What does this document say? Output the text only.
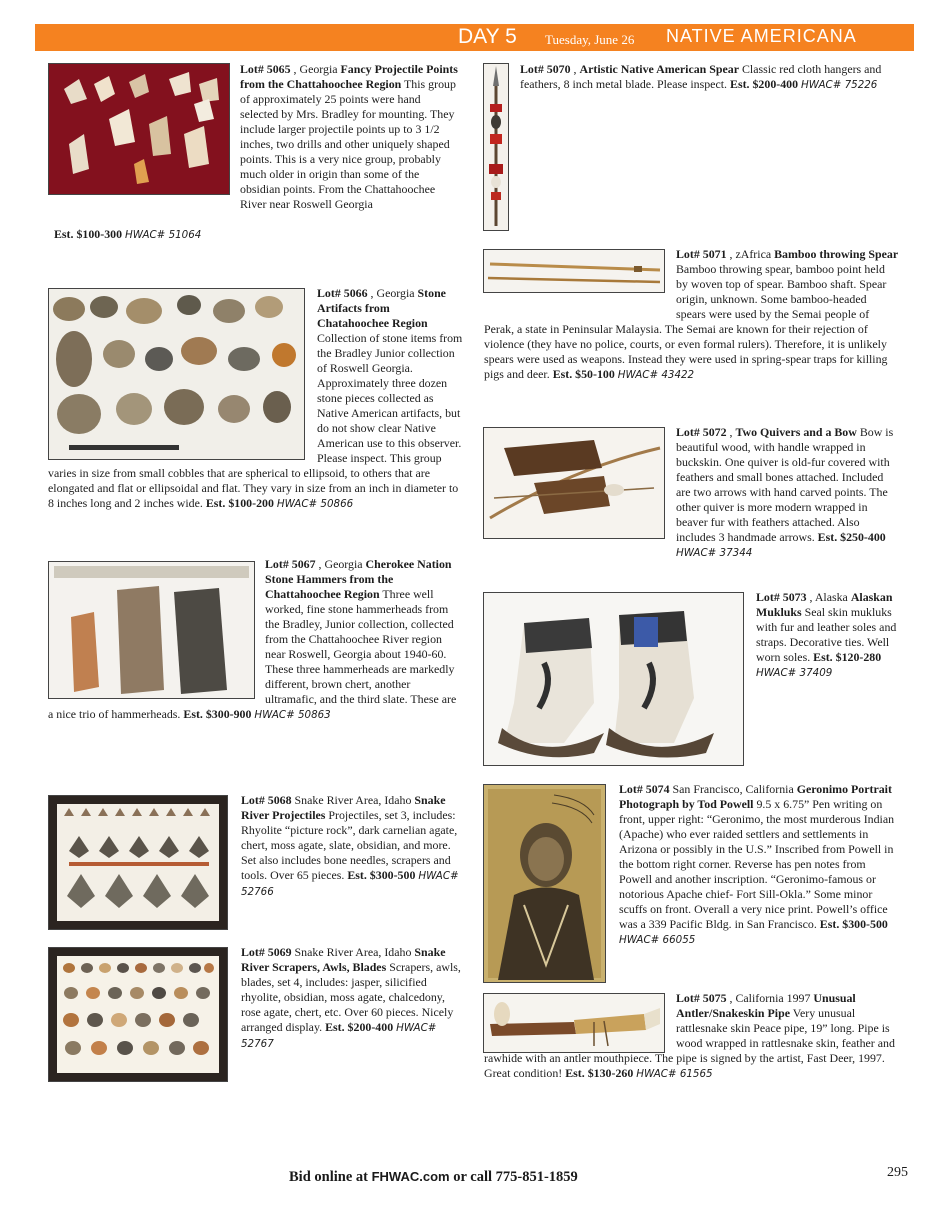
DAY 5 Tuesday, June 26 NATIVE AMERICANA
Lot# 5065 , Georgia Fancy Projectile Points from the Chattahoochee Region This group of approximately 25 points were hand selected by Mrs. Bradley for mounting. They include larger projectile points up to 3 1/2 inches, two drills and other uniquely shaped points. This is a very nice group, probably much older in origin than some of the obsidian points. From the Chattahoochee River near Roswell Georgia
Est. $100-300 HWAC# 51064
Lot# 5066 , Georgia Stone Artifacts from Chatahoochee Region Collection of stone items from the Bradley Junior collection of Roswell Georgia. Approximately three dozen stone pieces collected as Native American artifacts, but do not show clear Native American use to this observer. Please inspect. This group varies in size from small cobbles that are spherical to ellipsoid, to others that are elongated and flat or ellipsoidal and flat. They vary in size from an inch in diameter to 8 inches long and 2 inches wide. Est. $100-200 HWAC# 50866
Lot# 5067 , Georgia Cherokee Nation Stone Hammers from the Chattahoochee Region Three well worked, fine stone hammerheads from the Bradley, Junior collection, collected from the Chattahoochee River region near Roswell, Georgia about 1940-60. These three hammerheads are markedly different, brown chert, another ultramafic, and the third slate. These are a nice trio of hammerheads. Est. $300-900 HWAC# 50863
Lot# 5068 Snake River Area, Idaho Snake River Projectiles Projectiles, set 3, includes: Rhyolite “picture rock”, dark carnelian agate, chert, moss agate, slate, obsidian, and more. Set also includes bone needles, scrapers and tools. Over 65 pieces. Est. $300-500 HWAC# 52766
Lot# 5069 Snake River Area, Idaho Snake River Scrapers, Awls, Blades Scrapers, awls, blades, set 4, includes: jasper, silicified rhyolite, obsidian, moss agate, chalcedony, rose agate, chert, etc. Over 60 pieces. Nicely arranged display. Est. $200-400 HWAC# 52767
Lot# 5070 , Artistic Native American Spear Classic red cloth hangers and feathers, 8 inch metal blade. Please inspect. Est. $200-400 HWAC# 75226
Lot# 5071 , zAfrica Bamboo throwing Spear Bamboo throwing spear, bamboo point held by woven top of spear. Bamboo shaft. Spear origin, unknown. Some bamboo-headed spears were used by the Semai people of Perak, a state in Peninsular Malaysia. The Semai are known for their rejection of violence (they have no police, courts, or even formal rulers). Therefore, it is unlikely spears were used as weapons. Instead they were used in spring-spear traps for killing pigs and deer. Est. $50-100 HWAC# 43422
Lot# 5072 , Two Quivers and a Bow Bow is beautiful wood, with handle wrapped in buckskin. One quiver is old-fur covered with feathers and small bones attached. Included are two arrows with hand carved points. The other quiver is more modern wrapped in beaver fur with feathers attached. Also includes 3 handmade arrows. Est. $250-400 HWAC# 37344
Lot# 5073 , Alaska Alaskan Mukluks Seal skin mukluks with fur and leather soles and straps. Decorative ties. Well worn soles. Est. $120-280 HWAC# 37409
Lot# 5074 San Francisco, California Geronimo Portrait Photograph by Tod Powell 9.5 x 6.75” Pen writing on front, upper right: “Geronimo, the most murderous Indian (Apache) who ever raided settlers and settlements in Arizona or possibly in the U.S.” Inscribed from Powell in the bottom right corner. Reverse has pen notes from Powell and another inscription. “Geronimo-famous or notorious Apache chief- Fort Sill-Okla.” Some minor scuffs on front. Overall a very nice print. Powell’s office was a 339 Pacific Bldg. in San Francisco. Est. $300-500 HWAC# 66055
Lot# 5075 , California 1997 Unusual Antler/Snakeskin Pipe Very unusual rattlesnake skin Peace pipe, 19” long. Pipe is wood wrapped in rattlesnake skin, feather and rawhide with an antler mouthpiece. The pipe is signed by the artist, Fast Deer, 1997. Great condition! Est. $130-260 HWAC# 61565
Bid online at FHWAC.com or call 775-851-1859	295
